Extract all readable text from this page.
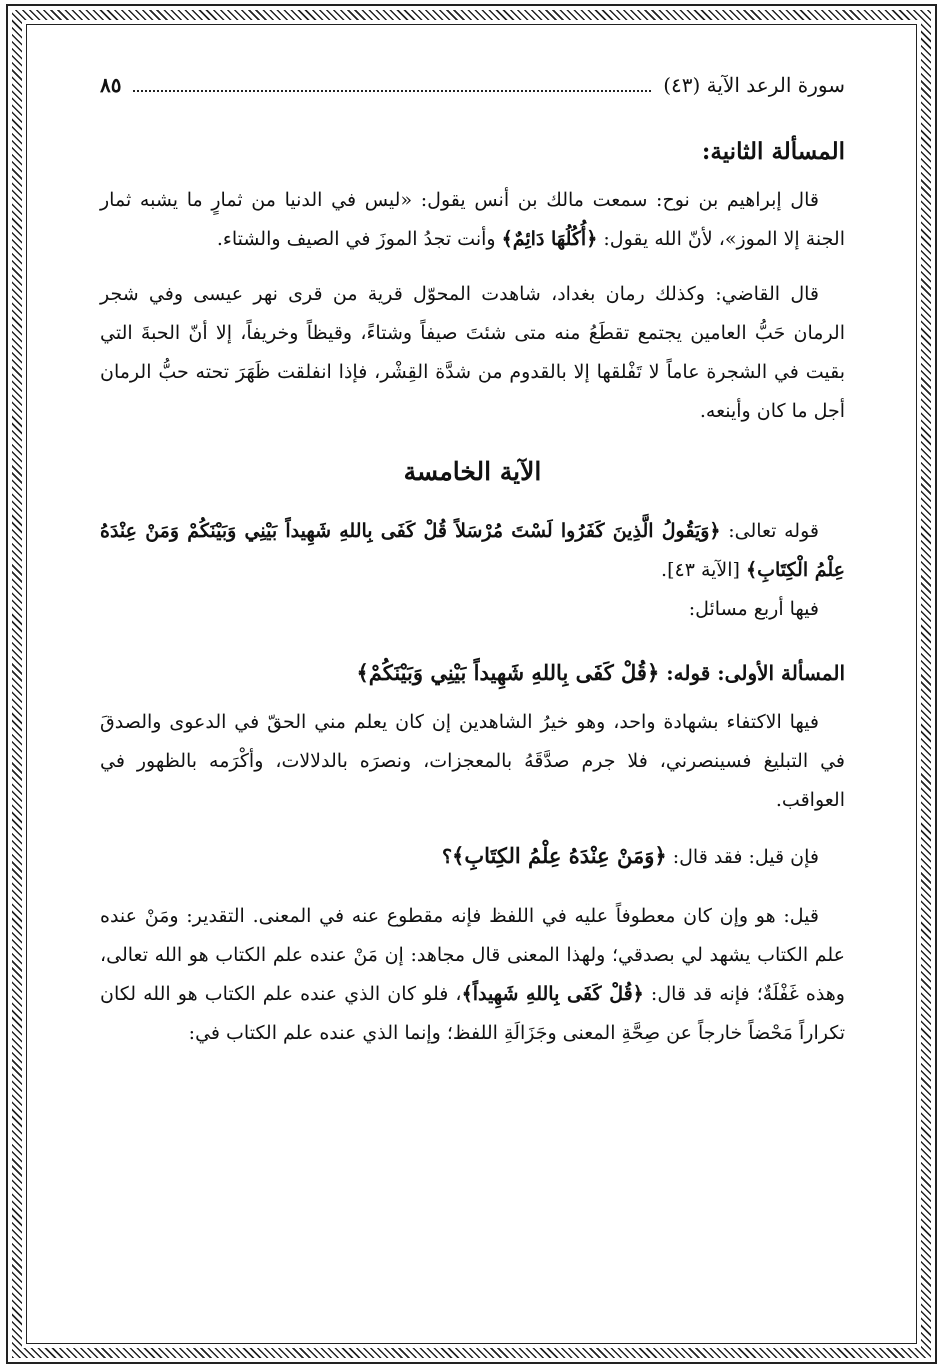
سورة الرعد الآية (٤٣)
٨٥
المسألة الثانية:

قال إبراهيم بن نوح: سمعت مالك بن أنس يقول: «ليس في الدنيا من ثمارٍ ما يشبه ثمار الجنة إلا الموز»، لأنّ الله يقول: ﴿أُكُلُهَا دَائِمٌ﴾ وأنت تجدُ الموزَ في الصيف والشتاء.

قال القاضي: وكذلك رمان بغداد، شاهدت المحوّل قرية من قرى نهر عيسى وفي شجر الرمان حَبُّ العامين يجتمع تقطَعُ منه متى شئتَ صيفاً وشتاءً، وقيظاً وخريفاً، إلا أنّ الحبةَ التي بقيت في الشجرة عاماً لا تَفْلقها إلا بالقدوم من شدَّة القِشْر، فإذا انفلقت ظَهَرَ تحته حبُّ الرمان أجل ما كان وأينعه.

الآية الخامسة

قوله تعالى: ﴿وَيَقُولُ الَّذِينَ كَفَرُوا لَسْتَ مُرْسَلاً قُلْ كَفَى بِاللهِ شَهِيداً بَيْنِي وَبَيْنَكُمْ وَمَنْ عِنْدَهُ عِلْمُ الْكِتَابِ﴾ [الآية ٤٣].

فيها أربع مسائل:

المسألة الأولى: قوله: ﴿قُلْ كَفَى بِاللهِ شَهِيداً بَيْنِي وَبَيْنَكُمْ﴾

فيها الاكتفاء بشهادة واحد، وهو خيرُ الشاهدين إن كان يعلم مني الحقّ في الدعوى والصدقَ في التبليغ فسينصرني، فلا جرم صدَّقَهُ بالمعجزات، ونصرَه بالدلالات، وأكْرَمه بالظهور في العواقب.

فإن قيل: فقد قال: ﴿وَمَنْ عِنْدَهُ عِلْمُ الكِتَابِ﴾؟

قيل: هو وإن كان معطوفاً عليه في اللفظ فإنه مقطوع عنه في المعنى. التقدير: ومَنْ عنده علم الكتاب يشهد لي بصدقي؛ ولهذا المعنى قال مجاهد: إن مَنْ عنده علم الكتاب هو الله تعالى، وهذه غَفْلَةٌ؛ فإنه قد قال: ﴿قُلْ كَفَى بِاللهِ شَهِيداً﴾، فلو كان الذي عنده علم الكتاب هو الله لكان تكراراً مَحْضاً خارجاً عن صِحَّةِ المعنى وجَزَالَةِ اللفظ؛ وإنما الذي عنده علم الكتاب في:
